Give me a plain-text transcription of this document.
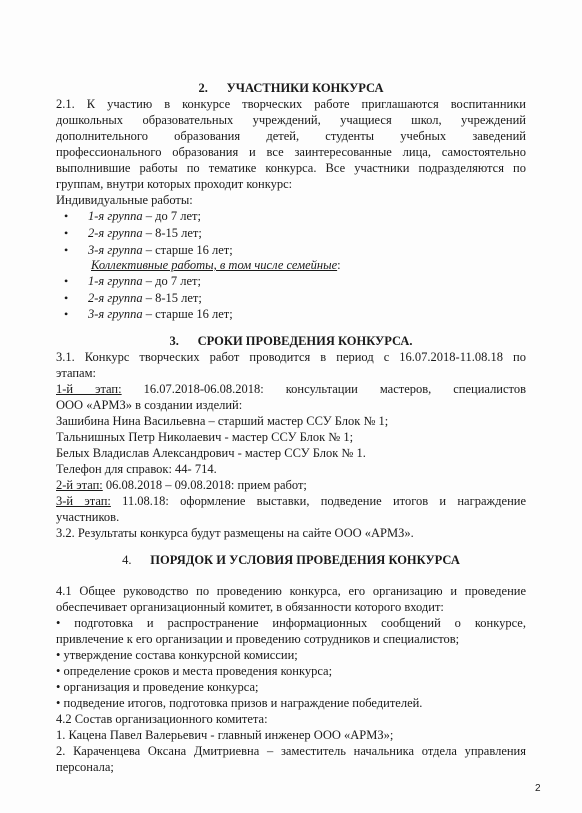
2. УЧАСТНИКИ КОНКУРСА
2.1. К участию в конкурсе творческих работе приглашаются воспитанники
дошкольных образовательных учреждений, учащиеся школ, учреждений
дополнительного образования детей, студенты учебных заведений
профессионального образования и все заинтересованные лица, самостоятельно
выполнившие работы по тематике конкурса. Все участники подразделяются по
группам, внутри которых проходит конкурс:
Индивидуальные работы:
• 1-я группа – до 7 лет;
• 2-я группа – 8-15 лет;
• 3-я группа – старше 16 лет;
Коллективные работы, в том числе семейные:
• 1-я группа – до 7 лет;
• 2-я группа – 8-15 лет;
• 3-я группа – старше 16 лет;
3. СРОКИ ПРОВЕДЕНИЯ КОНКУРСА.
3.1. Конкурс творческих работ проводится в период с 16.07.2018-11.08.18 по
этапам:
1-й этап: 16.07.2018-06.08.2018: консультации мастеров, специалистов
ООО «АРМЗ» в создании изделий:
Зашибина Нина Васильевна – старший мастер ССУ Блок № 1;
Тальнишных Петр Николаевич - мастер ССУ Блок № 1;
Белых Владислав Александрович - мастер ССУ Блок № 1.
Телефон для справок: 44- 714.
2-й этап: 06.08.2018 – 09.08.2018: прием работ;
3-й этап: 11.08.18: оформление выставки, подведение итогов и награждение
участников.
3.2. Результаты конкурса будут размещены на сайте ООО «АРМЗ».
4. ПОРЯДОК И УСЛОВИЯ ПРОВЕДЕНИЯ КОНКУРСА
4.1 Общее руководство по проведению конкурса, его организацию и проведение
обеспечивает организационный комитет, в обязанности которого входит:
• подготовка и распространение информационных сообщений о конкурсе,
привлечение к его организации и проведению сотрудников и специалистов;
• утверждение состава конкурсной комиссии;
• определение сроков и места проведения конкурса;
• организация и проведение конкурса;
• подведение итогов, подготовка призов и награждение победителей.
4.2 Состав организационного комитета:
1. Кацена Павел Валерьевич - главный инженер ООО «АРМЗ»;
2. Караченцева Оксана Дмитриевна – заместитель начальника отдела управления
персонала;
2
